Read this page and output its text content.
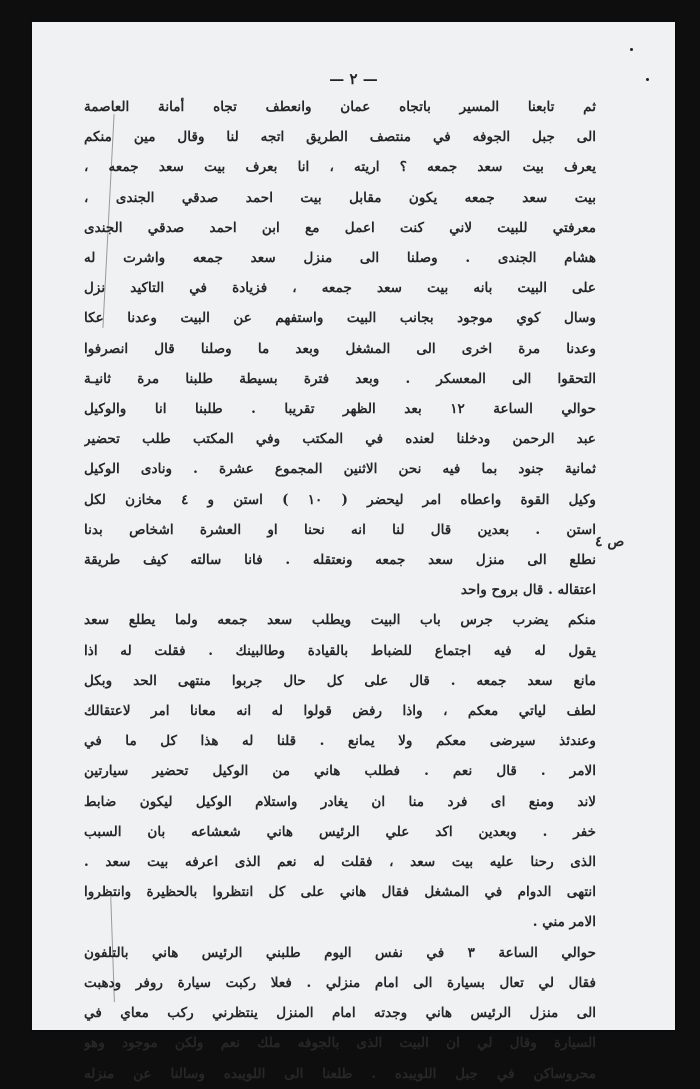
— ٢ —
ص ٤
ثم تابعنا المسير باتجاه عمان وانعطف تجاه أمانة العاصمة
الى جبل الجوفه في منتصف الطريق اتجه لنا وقال مين منكم
يعرف بيت سعد جمعه ؟ اريته ، انا بعرف بيت سعد جمعه ،
بيت سعد جمعه يكون مقابل بيت احمد صدقي الجندى ،
معرفتي للبيت لاني كنت اعمل مع ابن احمد صدقي الجندى
هشام الجندى . وصلنا الى منزل سعد جمعه واشرت له
على البيت بانه بيت سعد جمعه ، فزيادة في التاكيد نزل
وسال كوي موجود بجانب البيت واستفهم عن البيت وعدنا عكا
وعدنا مرة اخرى الى المشغل وبعد ما وصلنا قال انصرفوا
التحقوا الى المعسكر . وبعد فترة بسيطة طلبنا مرة ثانيـة
حوالي الساعة ١٢ بعد الظهر تقريبا . طلبنا انا والوكيل
عبد الرحمن ودخلنا لعنده في المكتب وفي المكتب طلب تحضير
ثمانية جنود بما فيه نحن الاثنين المجموع عشرة . ونادى الوكيل
وكيل القوة واعطاه امر ليحضر ( ١٠ ) استن و ٤ مخازن لكل
استن . بعدين قال لنا انه نحنا او العشرة اشخاص بدنا
نطلع الى منزل سعد جمعه ونعتقله . فانا سالته كيف طريقة
اعتقاله . قال بروح واحد
منكم يضرب جرس باب البيت ويطلب سعد جمعه ولما يطلع سعد
يقول له فيه اجتماع للضباط بالقيادة وطالبينك . فقلت له اذا
مانع سعد جمعه . قال على كل حال جربوا منتهى الحد وبكل
لطف لياتي معكم ، واذا رفض قولوا له انه معانا امر لاعتقالك
وعندئذ سيرضى معكم ولا يمانع . قلنا له هذا كل ما في
الامر . قال نعم . فطلب هاني من الوكيل تحضير سيارتين
لاند ومنع اى فرد منا ان يغادر واستلام الوكيل ليكون ضابط
خفر . وبعدين اكد علي الرئيس هاني شعشاعه بان السبب
الذى رحنا عليه بيت سعد ، فقلت له نعم الذى اعرفه بيت سعد .
انتهى الدوام في المشغل فقال هاني على كل انتظروا بالحظيرة وانتظروا
الامر مني .
حوالي الساعة ٣ في نفس اليوم طلبني الرئيس هاني بالتلفون
فقال لي تعال بسيارة الى امام منزلي . فعلا ركبت سيارة روفر ودهبت
الى منزل الرئيس هاني وجدته امام المنزل ينتظرني ركب معاي في
السيارة وقال لي ان البيت الذى بالجوفه ملك نعم ولكن موجود وهو
محروساكن في جبل اللويبده . طلعنا الى اللويبده وسالنا عن منزله
